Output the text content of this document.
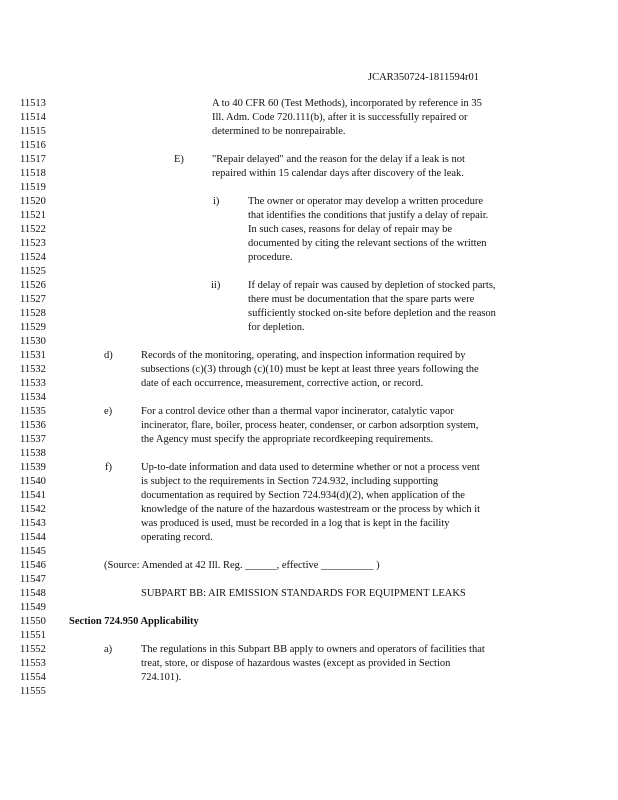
JCAR350724-1811594r01
11513
11514
11515
11516
11517
11518
11519
11520
11521
11522
11523
11524
11525
11526
11527
11528
11529
11530
11531
11532
11533
11534
11535
11536
11537
11538
11539
11540
11541
11542
11543
11544
11545
11546
11547
11548
11549
11550
11551
11552
11553
11554
11555
A to 40 CFR 60 (Test Methods), incorporated by reference in 35
Ill. Adm. Code 720.111(b), after it is successfully repaired or
determined to be nonrepairable.
E)	"Repair delayed" and the reason for the delay if a leak is not
repaired within 15 calendar days after discovery of the leak.
i)	The owner or operator may develop a written procedure
that identifies the conditions that justify a delay of repair.
In such cases, reasons for delay of repair may be
documented by citing the relevant sections of the written
procedure.
ii)	If delay of repair was caused by depletion of stocked parts,
there must be documentation that the spare parts were
sufficiently stocked on-site before depletion and the reason
for depletion.
d)	Records of the monitoring, operating, and inspection information required by
subsections (c)(3) through (c)(10) must be kept at least three years following the
date of each occurrence, measurement, corrective action, or record.
e)	For a control device other than a thermal vapor incinerator, catalytic vapor
incinerator, flare, boiler, process heater, condenser, or carbon adsorption system,
the Agency must specify the appropriate recordkeeping requirements.
f)	Up-to-date information and data used to determine whether or not a process vent
is subject to the requirements in Section 724.932, including supporting
documentation as required by Section 724.934(d)(2), when application of the
knowledge of the nature of the hazardous wastestream or the process by which it
was produced is used, must be recorded in a log that is kept in the facility
operating record.
(Source: Amended at 42 Ill. Reg. ______, effective __________ )
SUBPART BB: AIR EMISSION STANDARDS FOR EQUIPMENT LEAKS
Section 724.950 Applicability
a)	The regulations in this Subpart BB apply to owners and operators of facilities that
treat, store, or dispose of hazardous wastes (except as provided in Section
724.101).
